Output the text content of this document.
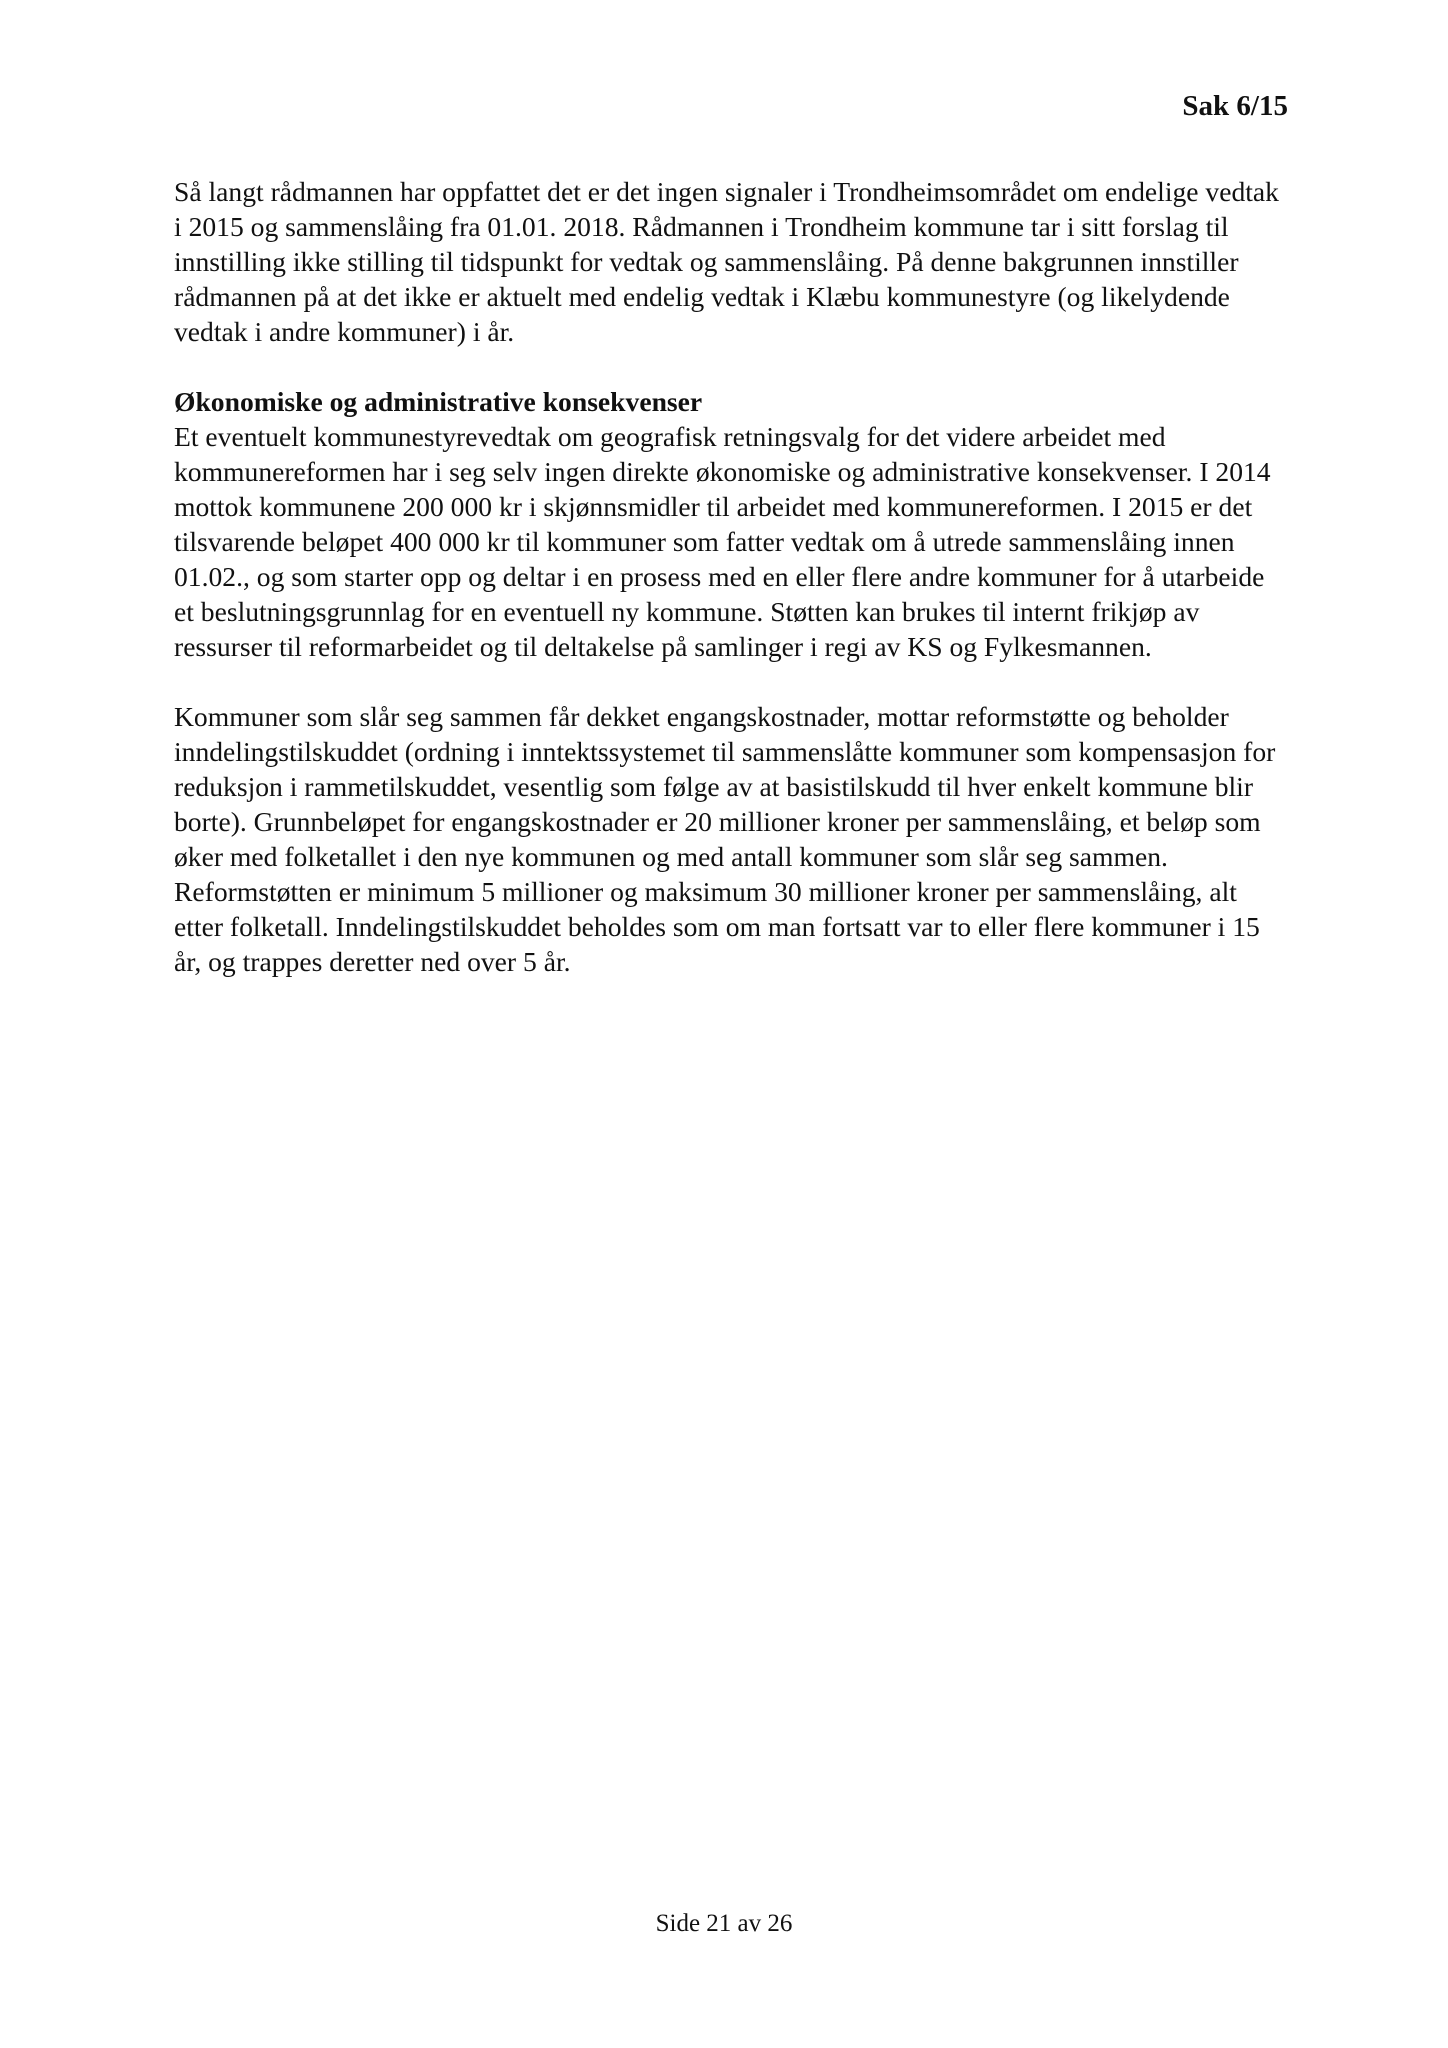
Sak 6/15

Så langt rådmannen har oppfattet det er det ingen signaler i Trondheimsområdet om endelige vedtak i 2015 og sammenslåing fra 01.01. 2018. Rådmannen i Trondheim kommune tar i sitt forslag til innstilling ikke stilling til tidspunkt for vedtak og sammenslåing. På denne bakgrunnen innstiller rådmannen på at det ikke er aktuelt med endelig vedtak i Klæbu kommunestyre (og likelydende vedtak i andre kommuner) i år.

Økonomiske og administrative konsekvenser

Et eventuelt kommunestyrevedtak om geografisk retningsvalg for det videre arbeidet med kommunereformen har i seg selv ingen direkte økonomiske og administrative konsekvenser. I 2014 mottok kommunene 200 000 kr i skjønnsmidler til arbeidet med kommunereformen. I 2015 er det tilsvarende beløpet 400 000 kr til kommuner som fatter vedtak om å utrede sammenslåing innen 01.02., og som starter opp og deltar i en prosess med en eller flere andre kommuner for å utarbeide et beslutningsgrunnlag for en eventuell ny kommune. Støtten kan brukes til internt frikjøp av ressurser til reformarbeidet og til deltakelse på samlinger i regi av KS og Fylkesmannen.

Kommuner som slår seg sammen får dekket engangskostnader, mottar reformstøtte og beholder inndelingstilskuddet (ordning i inntektssystemet til sammenslåtte kommuner som kompensasjon for reduksjon i rammetilskuddet, vesentlig som følge av at basistilskudd til hver enkelt kommune blir borte). Grunnbeløpet for engangskostnader er 20 millioner kroner per sammenslåing, et beløp som øker med folketallet i den nye kommunen og med antall kommuner som slår seg sammen. Reformstøtten er minimum 5 millioner og maksimum 30 millioner kroner per sammenslåing, alt etter folketall. Inndelingstilskuddet beholdes som om man fortsatt var to eller flere kommuner i 15 år, og trappes deretter ned over 5 år.

Side 21 av 26
